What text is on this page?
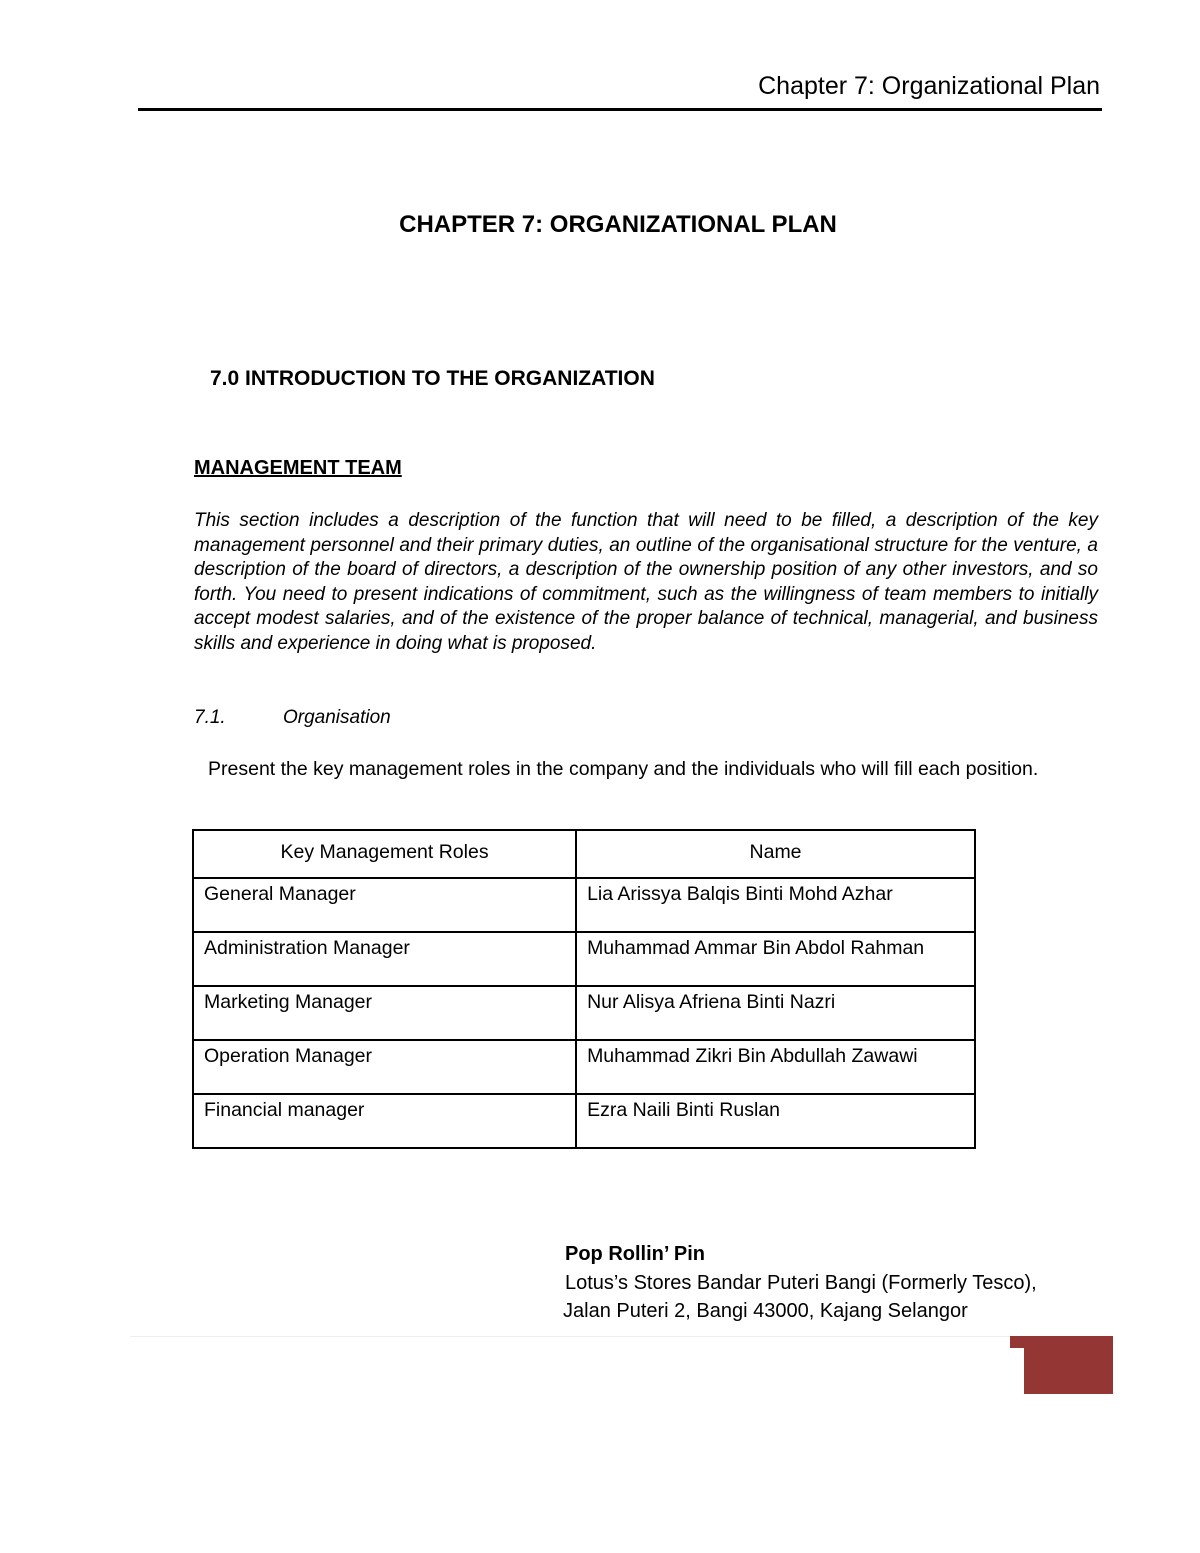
Chapter 7: Organizational Plan
CHAPTER 7: ORGANIZATIONAL PLAN
7.0 INTRODUCTION TO THE ORGANIZATION
MANAGEMENT TEAM

This section includes a description of the function that will need to be filled, a description of the key management personnel and their primary duties, an outline of the organisational structure for the venture, a description of the board of directors, a description of the ownership position of any other investors, and so forth. You need to present indications of commitment, such as the willingness of team members to initially accept modest salaries, and of the existence of the proper balance of technical, managerial, and business skills and experience in doing what is proposed.

7.1.	Organisation

Present the key management roles in the company and the individuals who will fill each position.

Key Management Roles	Name
General Manager	Lia Arissya Balqis Binti Mohd Azhar
Administration Manager	Muhammad Ammar Bin Abdol Rahman
Marketing Manager	Nur Alisya Afriena Binti Nazri
Operation Manager	Muhammad Zikri Bin Abdullah Zawawi
Financial manager	Ezra Naili Binti Ruslan
Pop Rollin’ Pin
Lotus’s Stores Bandar Puteri Bangi (Formerly Tesco),
Jalan Puteri 2, Bangi 43000, Kajang Selangor
